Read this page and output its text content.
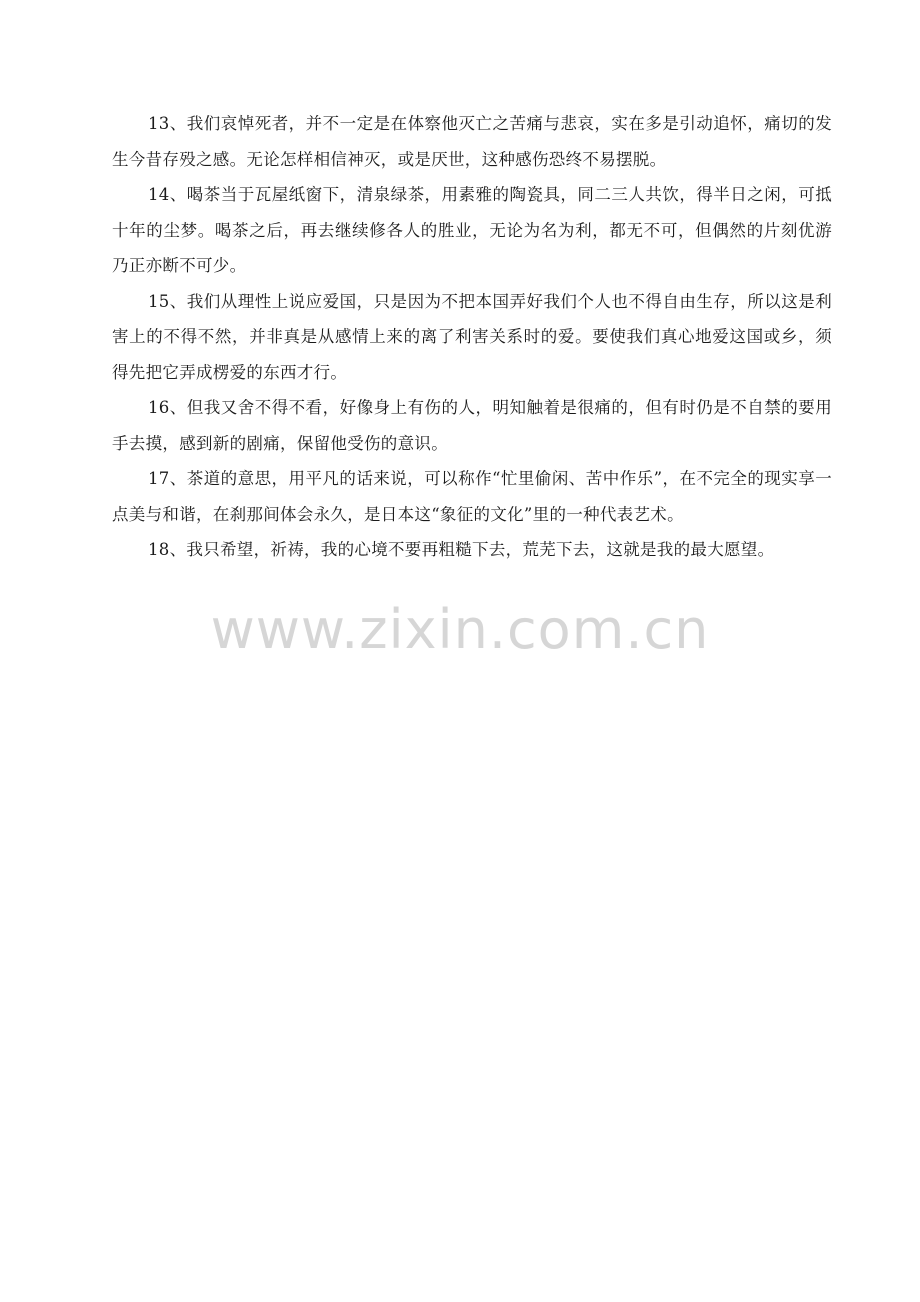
13、我们哀悼死者，并不一定是在体察他灭亡之苦痛与悲哀，实在多是引动追怀，痛切的发生今昔存殁之感。无论怎样相信神灭，或是厌世，这种感伤恐终不易摆脱。

14、喝茶当于瓦屋纸窗下，清泉绿茶，用素雅的陶瓷具，同二三人共饮，得半日之闲，可抵十年的尘梦。喝茶之后，再去继续修各人的胜业，无论为名为利，都无不可，但偶然的片刻优游乃正亦断不可少。

15、我们从理性上说应爱国，只是因为不把本国弄好我们个人也不得自由生存，所以这是利害上的不得不然，并非真是从感情上来的离了利害关系时的爱。要使我们真心地爱这国或乡，须得先把它弄成楞爱的东西才行。

16、但我又舍不得不看，好像身上有伤的人，明知触着是很痛的，但有时仍是不自禁的要用手去摸，感到新的剧痛，保留他受伤的意识。

17、茶道的意思，用平凡的话来说，可以称作“忙里偷闲、苦中作乐”，在不完全的现实享一点美与和谐，在刹那间体会永久，是日本这“象征的文化”里的一种代表艺术。

18、我只希望，祈祷，我的心境不要再粗糙下去，荒芜下去，这就是我的最大愿望。

www.zixin.com.cn
